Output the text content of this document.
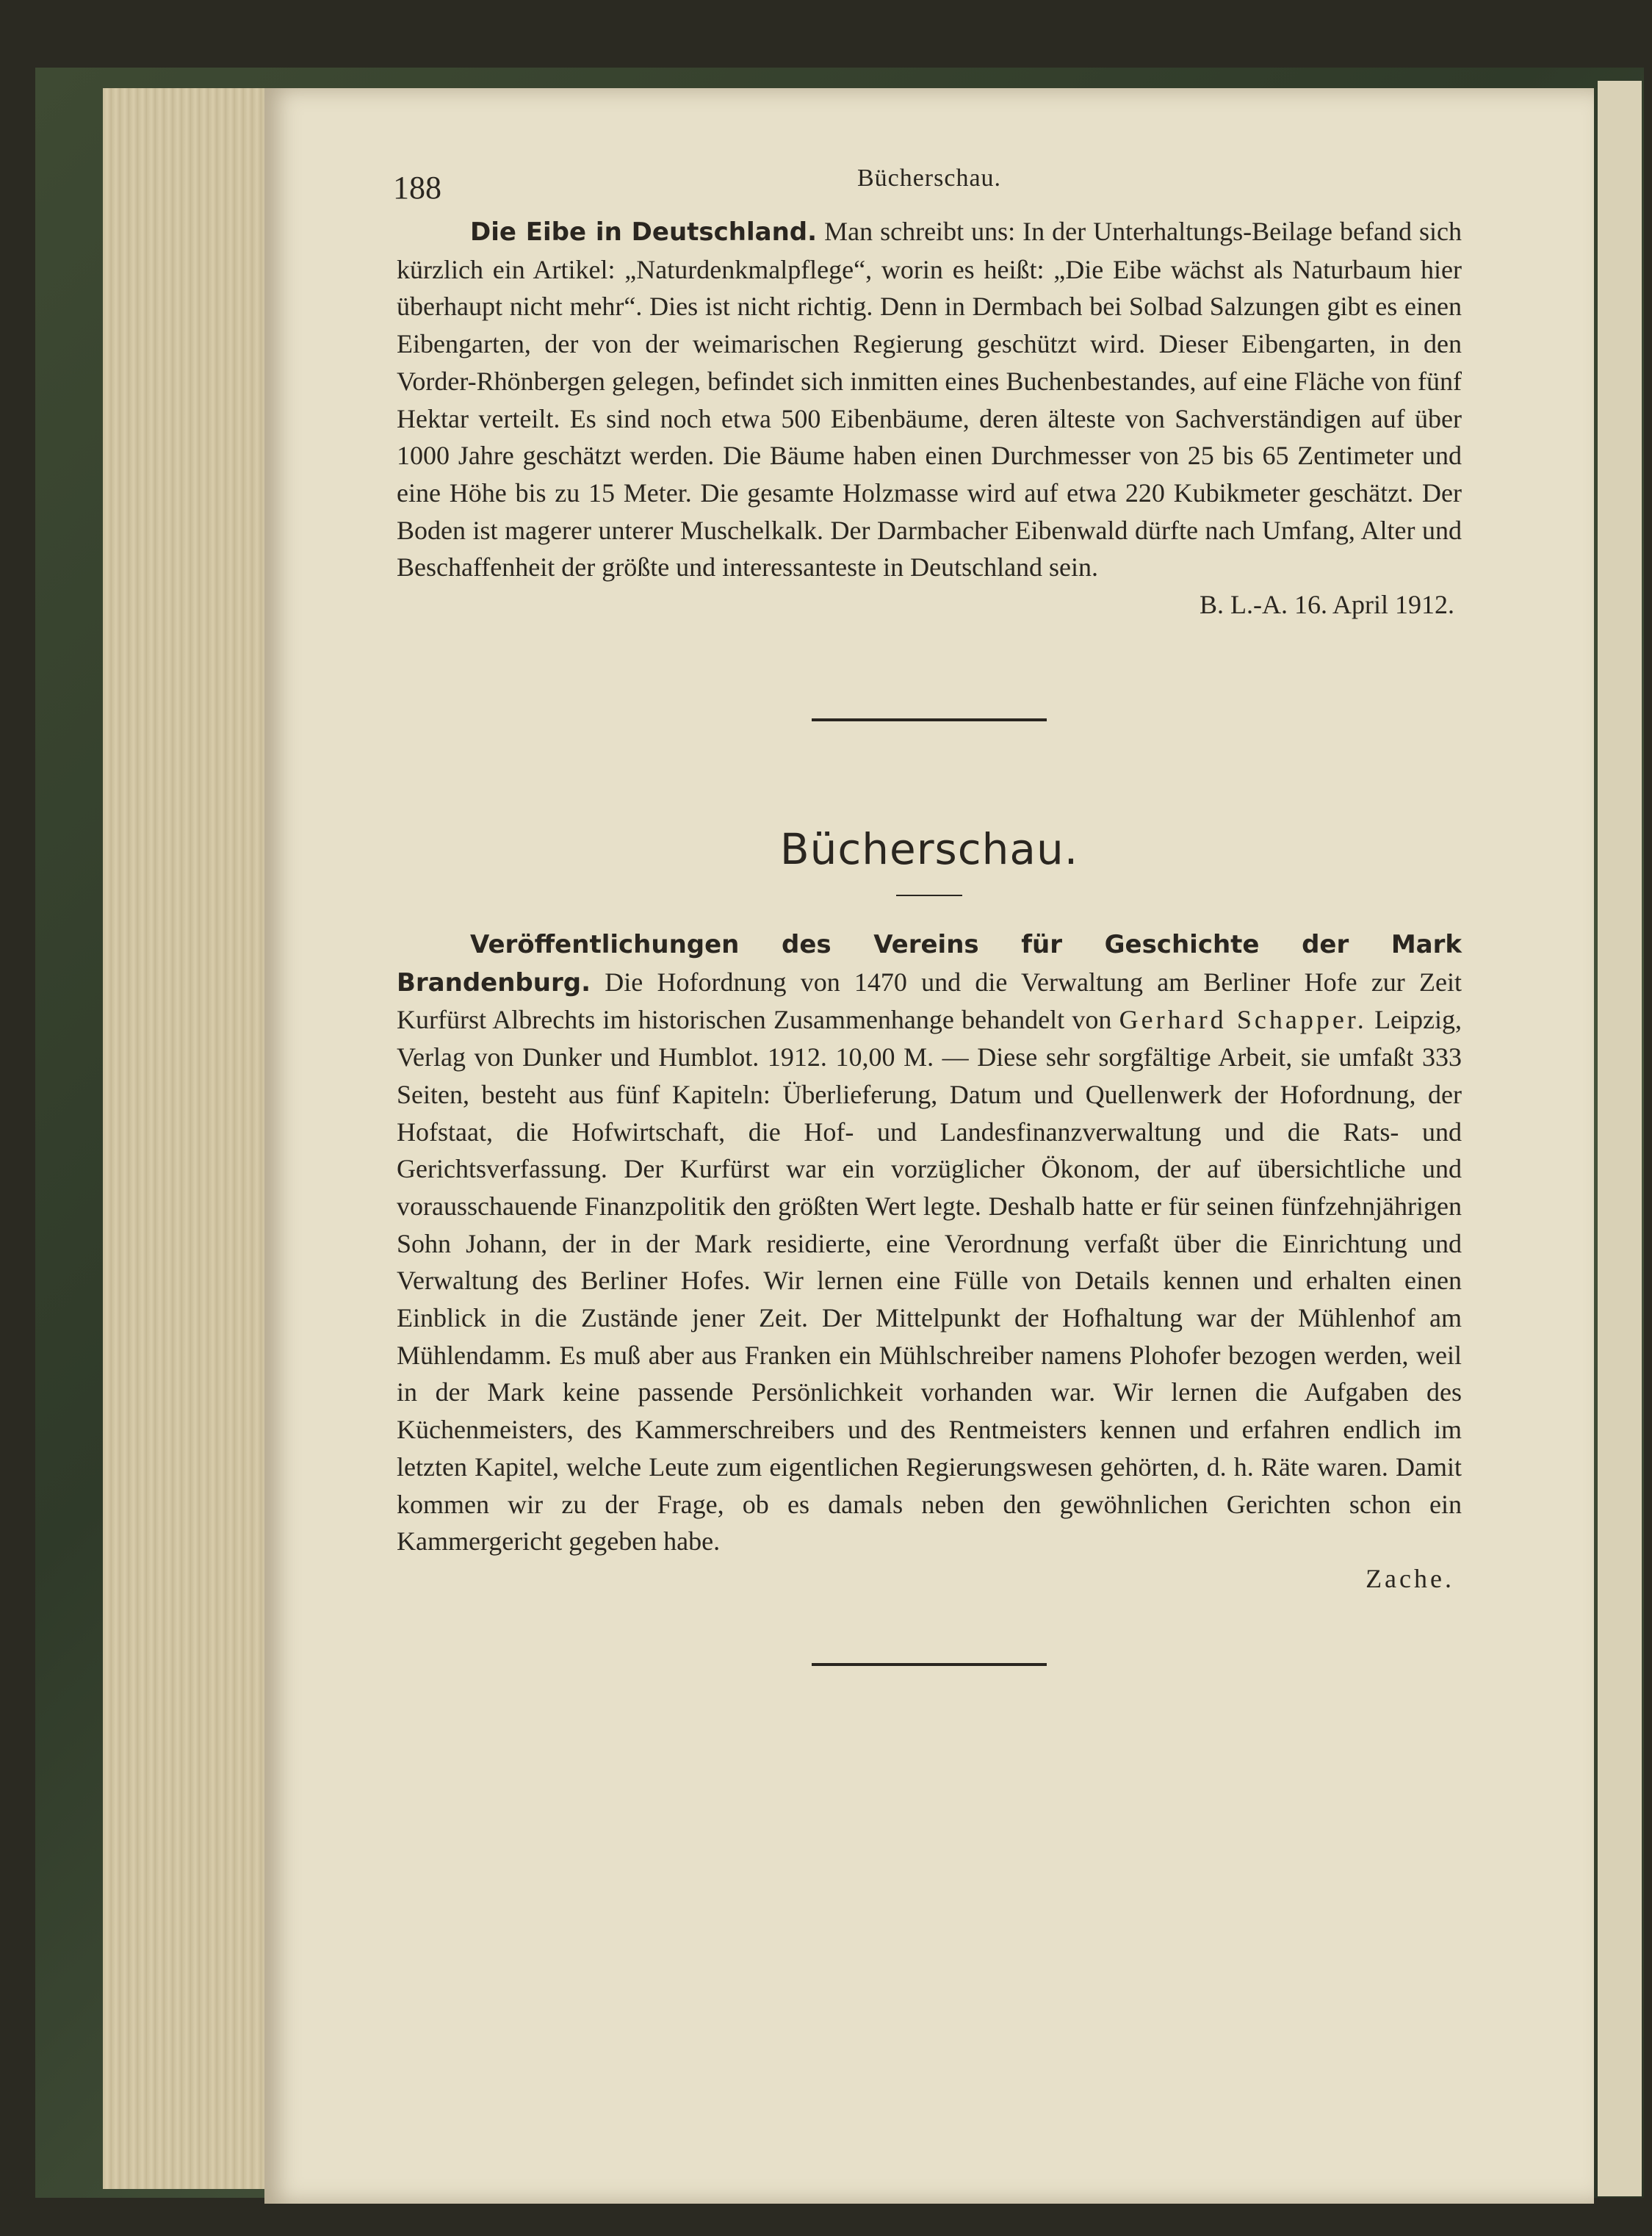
188	Bücherschau.

Die Eibe in Deutschland. Man schreibt uns: In der Unterhaltungs-Beilage befand sich kürzlich ein Artikel: „Naturdenkmalpflege“, worin es heißt: „Die Eibe wächst als Naturbaum hier überhaupt nicht mehr“. Dies ist nicht richtig. Denn in Dermbach bei Solbad Salzungen gibt es einen Eibengarten, der von der weimarischen Regierung geschützt wird. Dieser Eibengarten, in den Vorder-Rhönbergen gelegen, befindet sich inmitten eines Buchenbestandes, auf eine Fläche von fünf Hektar verteilt. Es sind noch etwa 500 Eibenbäume, deren älteste von Sachverständigen auf über 1000 Jahre geschätzt werden. Die Bäume haben einen Durchmesser von 25 bis 65 Zentimeter und eine Höhe bis zu 15 Meter. Die gesamte Holzmasse wird auf etwa 220 Kubikmeter geschätzt. Der Boden ist magerer unterer Muschelkalk. Der Darmbacher Eibenwald dürfte nach Umfang, Alter und Beschaffenheit der größte und interessanteste in Deutschland sein.

B. L.-A. 16. April 1912.

Bücherschau.

Veröffentlichungen des Vereins für Geschichte der Mark Brandenburg. Die Hofordnung von 1470 und die Verwaltung am Berliner Hofe zur Zeit Kurfürst Albrechts im historischen Zusammenhange behandelt von Gerhard Schapper. Leipzig, Verlag von Dunker und Humblot. 1912. 10,00 M. — Diese sehr sorgfältige Arbeit, sie umfaßt 333 Seiten, besteht aus fünf Kapiteln: Überlieferung, Datum und Quellenwerk der Hofordnung, der Hofstaat, die Hofwirtschaft, die Hof- und Landesfinanzverwaltung und die Rats- und Gerichtsverfassung. Der Kurfürst war ein vorzüglicher Ökonom, der auf übersichtliche und vorausschauende Finanzpolitik den größten Wert legte. Deshalb hatte er für seinen fünfzehnjährigen Sohn Johann, der in der Mark residierte, eine Verordnung verfaßt über die Einrichtung und Verwaltung des Berliner Hofes. Wir lernen eine Fülle von Details kennen und erhalten einen Einblick in die Zustände jener Zeit. Der Mittelpunkt der Hofhaltung war der Mühlenhof am Mühlendamm. Es muß aber aus Franken ein Mühlschreiber namens Plohofer bezogen werden, weil in der Mark keine passende Persönlichkeit vorhanden war. Wir lernen die Aufgaben des Küchenmeisters, des Kammerschreibers und des Rentmeisters kennen und erfahren endlich im letzten Kapitel, welche Leute zum eigentlichen Regierungswesen gehörten, d. h. Räte waren. Damit kommen wir zu der Frage, ob es damals neben den gewöhnlichen Gerichten schon ein Kammergericht gegeben habe.

Zache.
